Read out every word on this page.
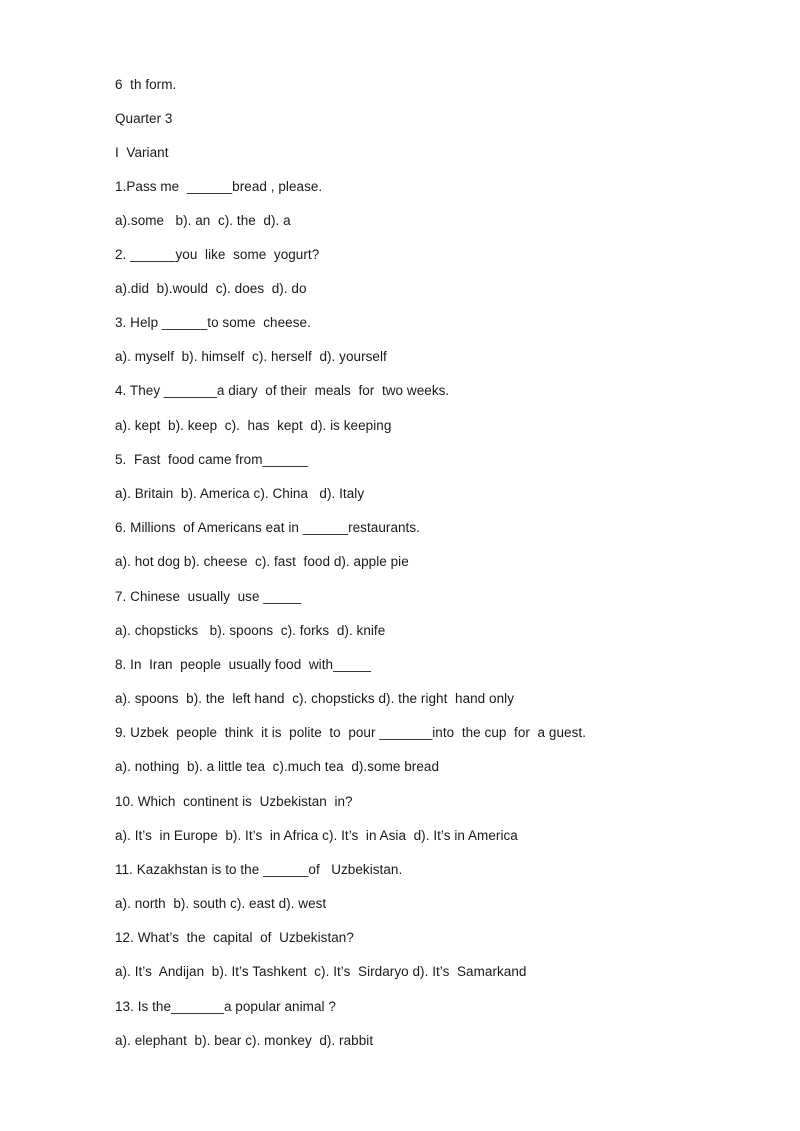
6  th form.
Quarter 3
I  Variant
1.Pass me  ______bread , please.
a).some   b). an  c). the  d). a
2. ______you  like  some  yogurt?
a).did  b).would  c). does  d). do
3. Help ______to some  cheese.
a). myself  b). himself  c). herself  d). yourself
4. They _______a diary  of their  meals  for  two weeks.
a). kept  b). keep  c).  has  kept  d). is keeping
5.  Fast  food came from______
a). Britain  b). America c). China   d). Italy
6. Millions  of Americans eat in ______restaurants.
a). hot dog b). cheese  c). fast  food d). apple pie
7. Chinese  usually  use _____
a). chopsticks   b). spoons  c). forks  d). knife
8. In  Iran  people  usually food  with_____
a). spoons  b). the  left hand  c). chopsticks d). the right  hand only
9. Uzbek  people  think  it is  polite  to  pour _______into  the cup  for  a guest.
a). nothing  b). a little tea  c).much tea  d).some bread
10. Which  continent is  Uzbekistan  in?
a). It’s  in Europe  b). It’s  in Africa c). It’s  in Asia  d). It’s in America
11. Kazakhstan is to the ______of   Uzbekistan.
a). north  b). south c). east d). west
12. What’s  the  capital  of  Uzbekistan?
a). It’s  Andijan  b). It’s Tashkent  c). It’s  Sirdaryo d). It’s  Samarkand
13. Is the_______a popular animal ?
a). elephant  b). bear c). monkey  d). rabbit
